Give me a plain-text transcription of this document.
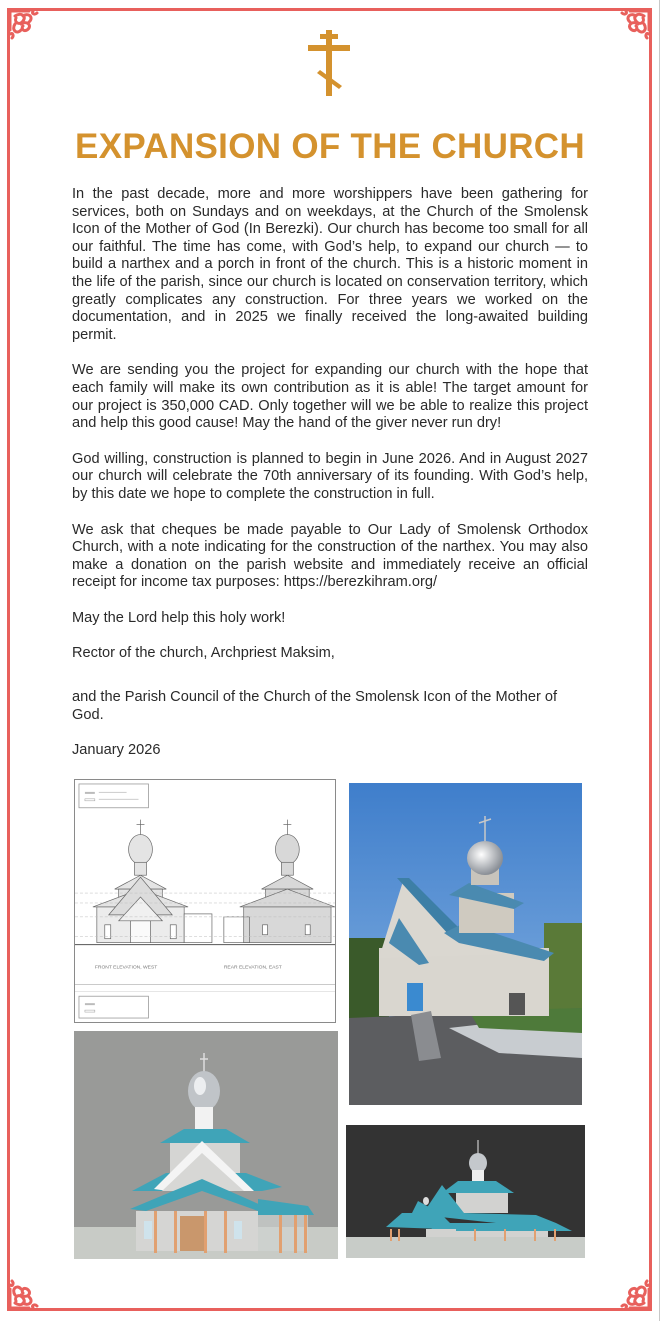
EXPANSION OF THE CHURCH

In the past decade, more and more worshippers have been gathering for services, both on Sundays and on weekdays, at the Church of the Smolensk Icon of the Mother of God (In Berezki). Our church has become too small for all our faithful. The time has come, with God’s help, to expand our church — to build a narthex and a porch in front of the church. This is a historic moment in the life of the parish, since our church is located on conservation territory, which greatly complicates any construction. For three years we worked on the documentation, and in 2025 we finally received the long-awaited building permit.

We are sending you the project for expanding our church with the hope that each family will make its own contribution as it is able! The target amount for our project is 350,000 CAD. Only together will we be able to realize this project and help this good cause! May the hand of the giver never run dry!

God willing, construction is planned to begin in June 2026. And in August 2027 our church will celebrate the 70th anniversary of its founding. With God’s help, by this date we hope to complete the construction in full.

We ask that cheques be made payable to Our Lady of Smolensk Orthodox Church, with a note indicating for the construction of the narthex. You may also make a donation on the parish website and immediately receive an official receipt for income tax purposes: https://berezkihram.org/

May the Lord help this holy work!

Rector of the church, Archpriest Maksim,

and the Parish Council of the Church of the Smolensk Icon of the Mother of God.

January 2026

FRONT ELEVATION, WEST	REAR ELEVATION, EAST
